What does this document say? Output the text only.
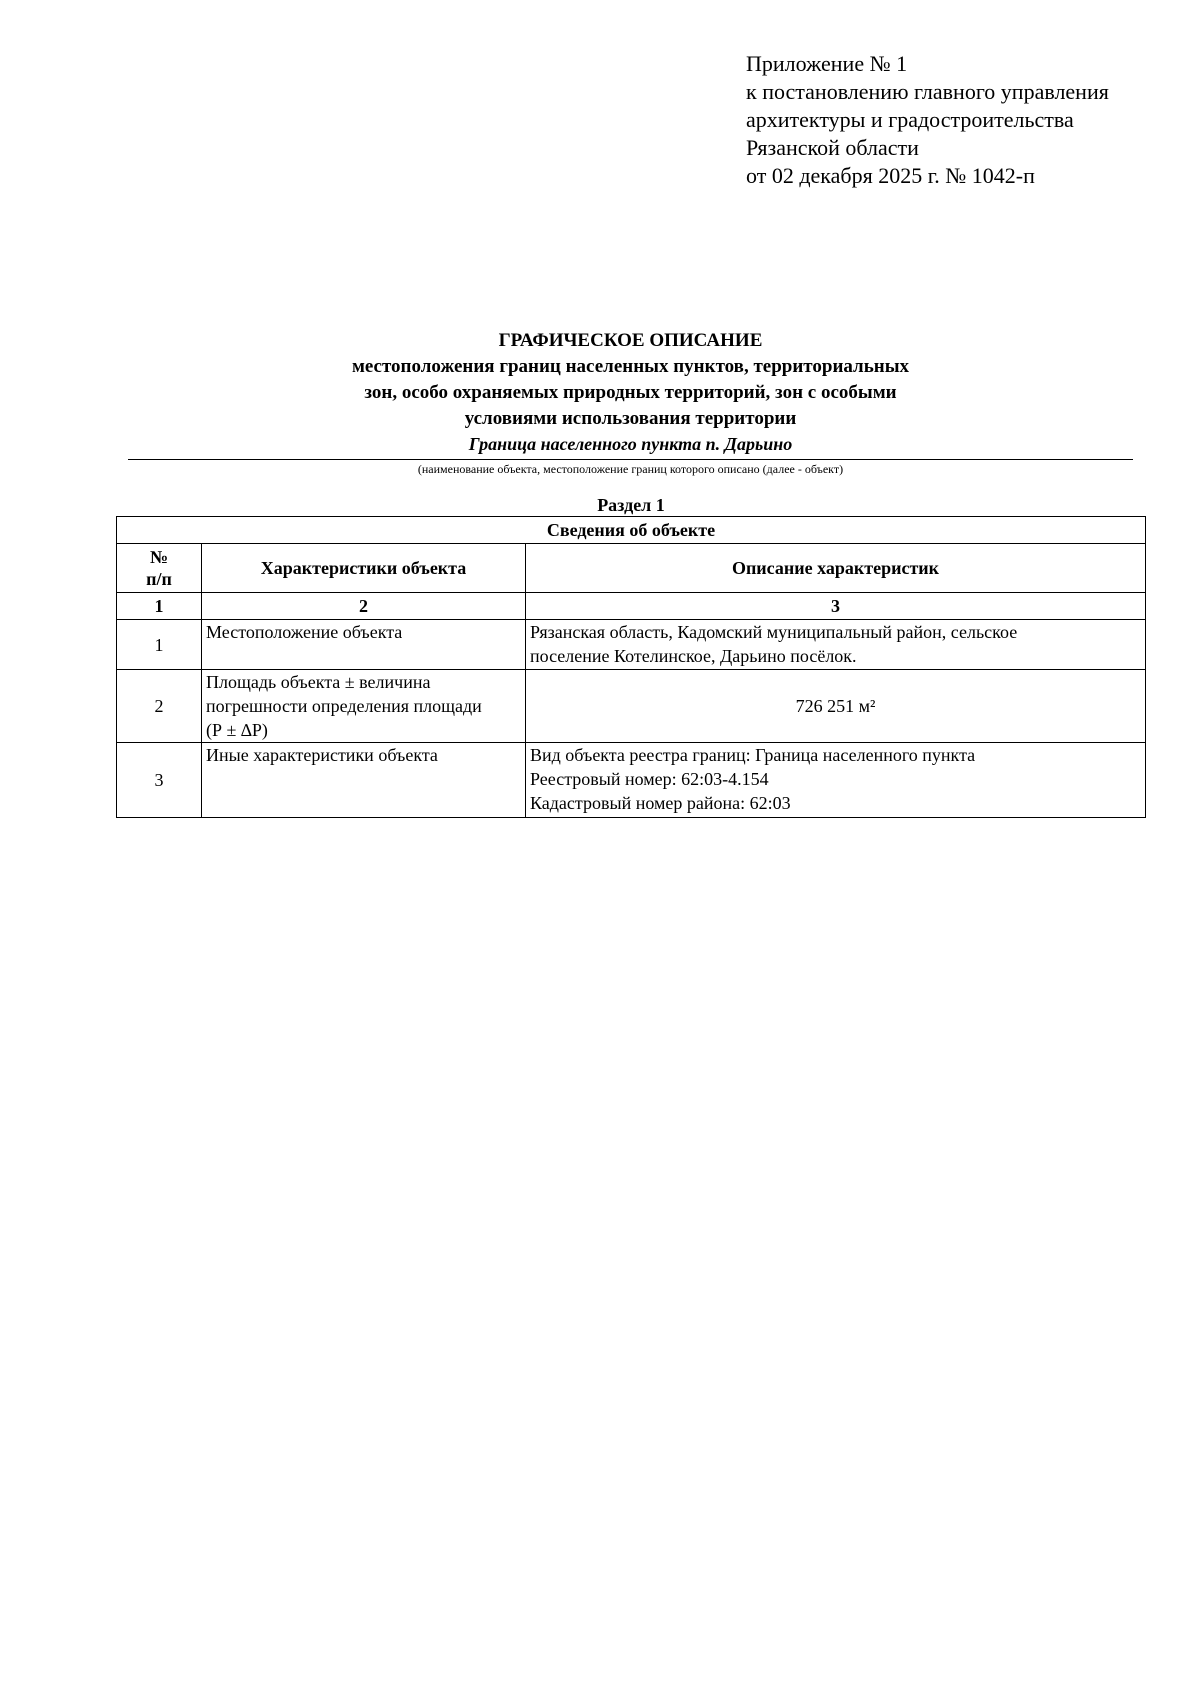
Приложение № 1
к постановлению главного управления
архитектуры и градостроительства
Рязанской области
от 02 декабря 2025 г. № 1042-п
ГРАФИЧЕСКОЕ ОПИСАНИЕ
местоположения границ населенных пунктов, территориальных
зон, особо охраняемых природных территорий, зон с особыми
условиями использования территории
Граница населенного пункта п. Дарьино
(наименование объекта, местоположение границ которого описано (далее - объект)
Раздел 1
Сведения об объекте		

№
п/п	Характеристики объекта	Описание характеристик
1	2	3
1	Местоположение объекта	Рязанская область, Кадомский муниципальный район, сельское
поселение Котелинское, Дарьино посёлок.

2	Площадь объекта ± величина
погрешности определения площади
(Р ± ∆Р)	726 251 м²

3	Иные характеристики объекта	Вид объекта реестра границ: Граница населенного пункта
Реестровый номер: 62:03-4.154
Кадастровый номер района: 62:03
